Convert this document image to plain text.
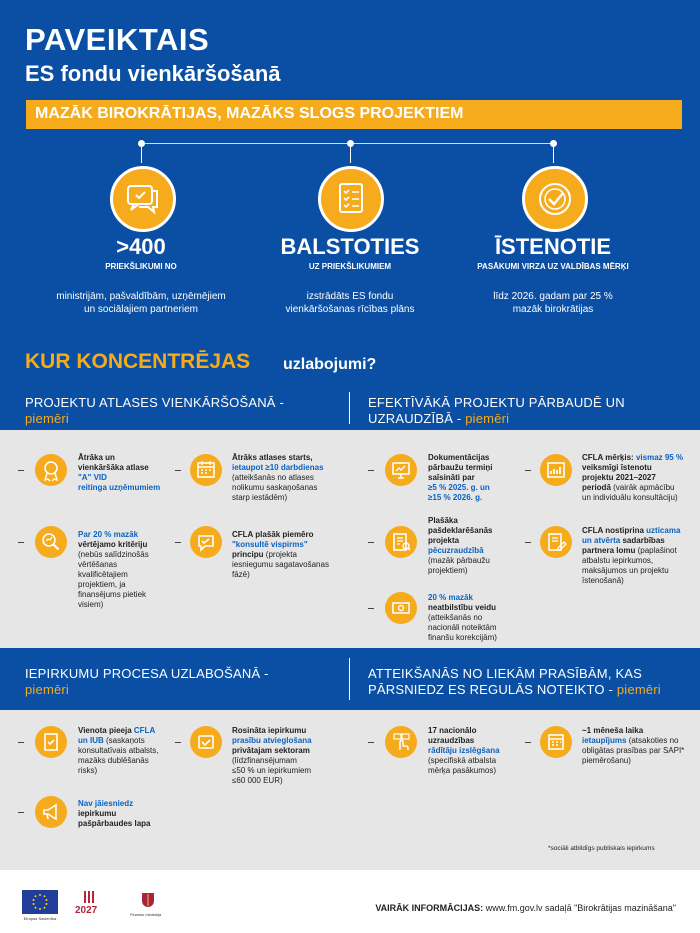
PAVEIKTAIS
ES fondu vienkāršošanā
MAZĀK BIROKRĀTIJAS, MAZĀKS SLOGS PROJEKTIEM
>400
PRIEKŠLIKUMI NO
ministrijām, pašvaldībām, uzņēmējiem
un sociālajiem partneriem
BALSTOTIES
UZ PRIEKŠLIKUMIEM
izstrādāts ES fondu
vienkāršošanas rīcības plāns
ĪSTENOTIE
PASĀKUMI VIRZA UZ VALDĪBAS MĒRĶI
līdz 2026. gadam par 25 %
mazāk birokrātijas
KUR KONCENTRĒJAS uzlabojumi?
PROJEKTU ATLASES VIENKĀRŠOŠANĀ -
piemēri
EFEKTĪVĀKĀ PROJEKTU PĀRBAUDĒ UN
UZRAUDZĪBĀ - piemēri
Ātrāka un
vienkāršāka atlase
"A" VID
reitinga uzņēmumiem
Ātrāks atlases starts,
ietaupot ≥10 darbdienas
(atteikšanās no atlases
nolikumu saskaņošanas
starp iestādēm)
Par 20 % mazāk
vērtējamo kritēriju
(nebūs salīdzinošās
vērtēšanas
kvalificētajiem
projektiem, ja
finansējums pietiek
visiem)
CFLA plašāk piemēro
"konsultē vispirms"
principu (projekta
iesniegumu sagatavošanas
fāzē)
Dokumentācijas
pārbaužu termiņi
saīsināti par
≥5 % 2025. g. un
≥15 % 2026. g.
CFLA mērķis: vismaz 95 %
veiksmīgi īstenotu
projektu 2021–2027
periodā (vairāk apmācību
un individuālu konsultāciju)
Plašāka
pašdeklarēšanās
projekta
pēcuzraudzībā
(mazāk pārbaužu
projektiem)
CFLA nostiprina uzticama
un atvērta sadarbības
partnera lomu (paplašinot
atbalstu iepirkumos,
maksājumos un projektu
īstenošanā)
20 % mazāk
neatbilstību veidu
(atteikšanās no
nacionāli noteiktām
finanšu korekcijām)
IEPIRKUMU PROCESA UZLABOŠANĀ -
piemēri
ATTEIKŠANĀS NO LIEKĀM PRASĪBĀM, KAS
PĀRSNIEDZ ES REGULĀS NOTEIKTO - piemēri
Vienota pieeja CFLA
un IUB (saskaņots
konsultatīvais atbalsts,
mazāks dublēšanās
risks)
Rosināta iepirkumu
prasību atvieglošana
privātajam sektoram
(līdzfinansējumam
≤50 % un iepirkumiem
≤60 000 EUR)
Nav jāiesniedz
iepirkumu
pašpārbaudes lapa
17 nacionālo
uzraudzības
rādītāju izslēgšana
(specifiskā atbalsta
mērķa pasākumos)
~1 mēneša laika
ietaupījums (atsakoties no
obligātas prasības par SAPI*
piemērošanu)
*sociāli atbildīgs publiskais iepirkums
Eiropas Savienība
2027	Finanšu ministrija
VAIRĀK INFORMĀCIJAS: www.fm.gov.lv sadaļā "Birokrātijas mazināšana"
